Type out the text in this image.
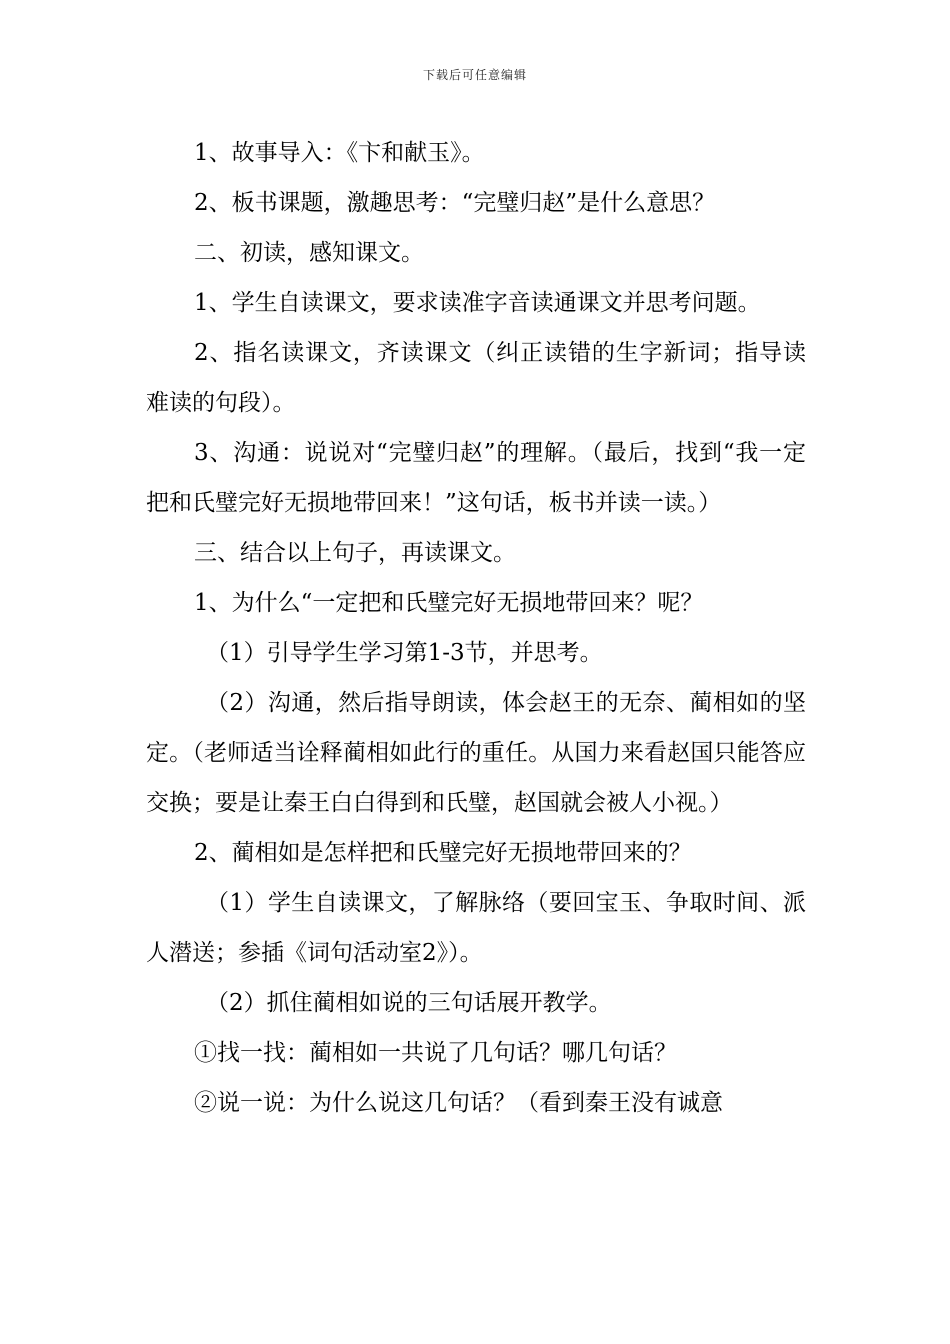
下载后可任意编辑

1、故事导入：《卞和献玉》。

2、板书课题，激趣思考：“完璧归赵”是什么意思？

二、初读，感知课文。

1、学生自读课文，要求读准字音读通课文并思考问题。

2、指名读课文，齐读课文（纠正读错的生字新词；指导读难读的句段）。

3、沟通：说说对“完璧归赵”的理解。（最后，找到“我一定把和氏璧完好无损地带回来！”这句话，板书并读一读。）

三、结合以上句子，再读课文。

1、为什么“一定把和氏璧完好无损地带回来？呢？

（1）引导学生学习第1-3节，并思考。

（2）沟通，然后指导朗读，体会赵王的无奈、蔺相如的坚定。（老师适当诠释蔺相如此行的重任。从国力来看赵国只能答应交换；要是让秦王白白得到和氏璧，赵国就会被人小视。）

2、蔺相如是怎样把和氏璧完好无损地带回来的？

（1）学生自读课文，了解脉络（要回宝玉、争取时间、派人潜送；参插《词句活动室2》）。

（2）抓住蔺相如说的三句话展开教学。

①找一找：蔺相如一共说了几句话？哪几句话？

②说一说：为什么说这几句话？（看到秦王没有诚意
